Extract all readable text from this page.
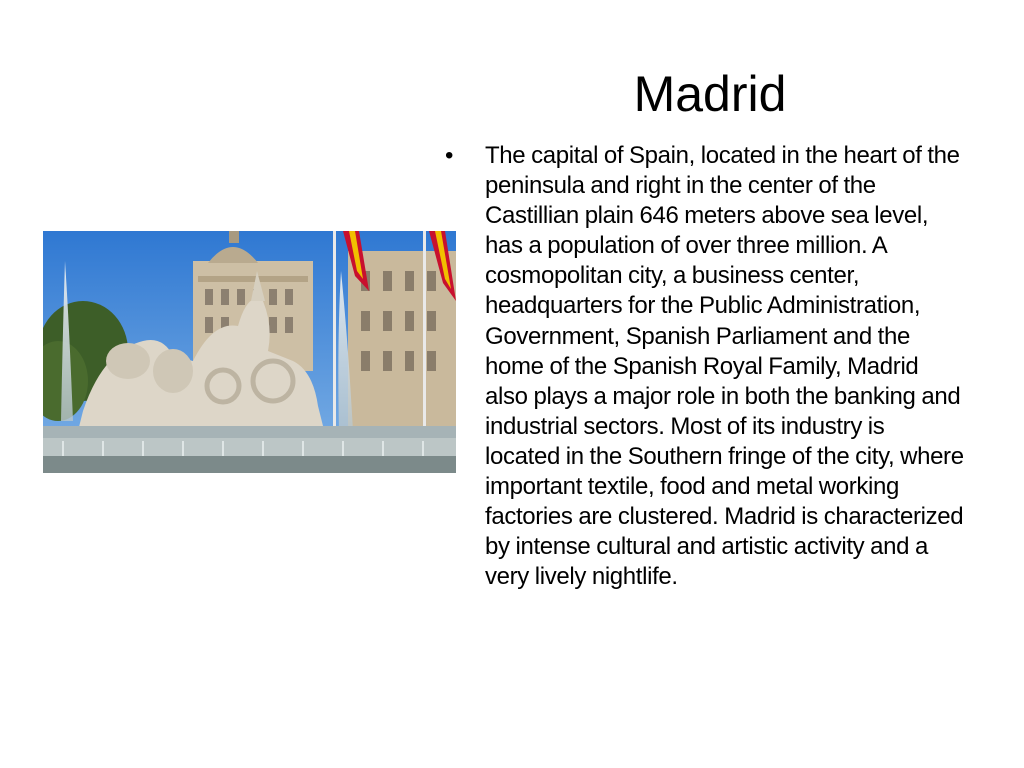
Madrid
• The capital of Spain, located in the heart of the peninsula and right in the center of the Castillian plain 646 meters above sea level, has a population of over three million. A cosmopolitan city, a business center, headquarters for the Public Administration, Government, Spanish Parliament and the home of the Spanish Royal Family, Madrid also plays a major role in both the banking and industrial sectors. Most of its industry is located in the Southern fringe of the city, where important textile, food and metal working factories are clustered. Madrid is characterized by intense cultural and artistic activity and a very lively nightlife.
